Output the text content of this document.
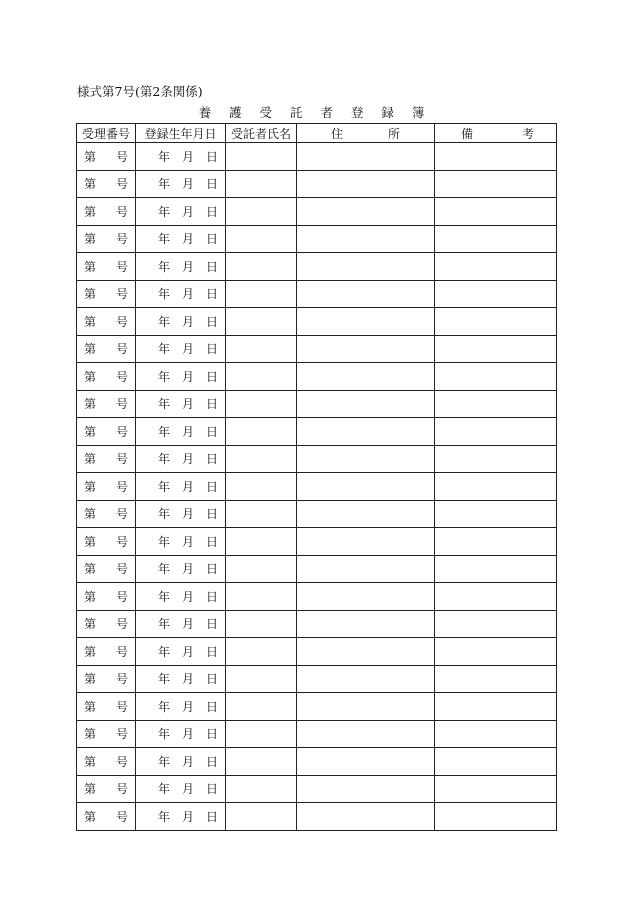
様式第7号(第2条関係)
養 護 受 託 者 登 録 簿
受理番号	登録生年月日	受託者氏名	住 所	備 考

第 号	年 月 日			

第 号	年 月 日			

第 号	年 月 日			

第 号	年 月 日			

第 号	年 月 日			

第 号	年 月 日			

第 号	年 月 日			

第 号	年 月 日			

第 号	年 月 日			

第 号	年 月 日			

第 号	年 月 日			

第 号	年 月 日			

第 号	年 月 日			

第 号	年 月 日			

第 号	年 月 日			

第 号	年 月 日			

第 号	年 月 日			

第 号	年 月 日			

第 号	年 月 日			

第 号	年 月 日			

第 号	年 月 日			

第 号	年 月 日			

第 号	年 月 日			

第 号	年 月 日			

第 号	年 月 日			
